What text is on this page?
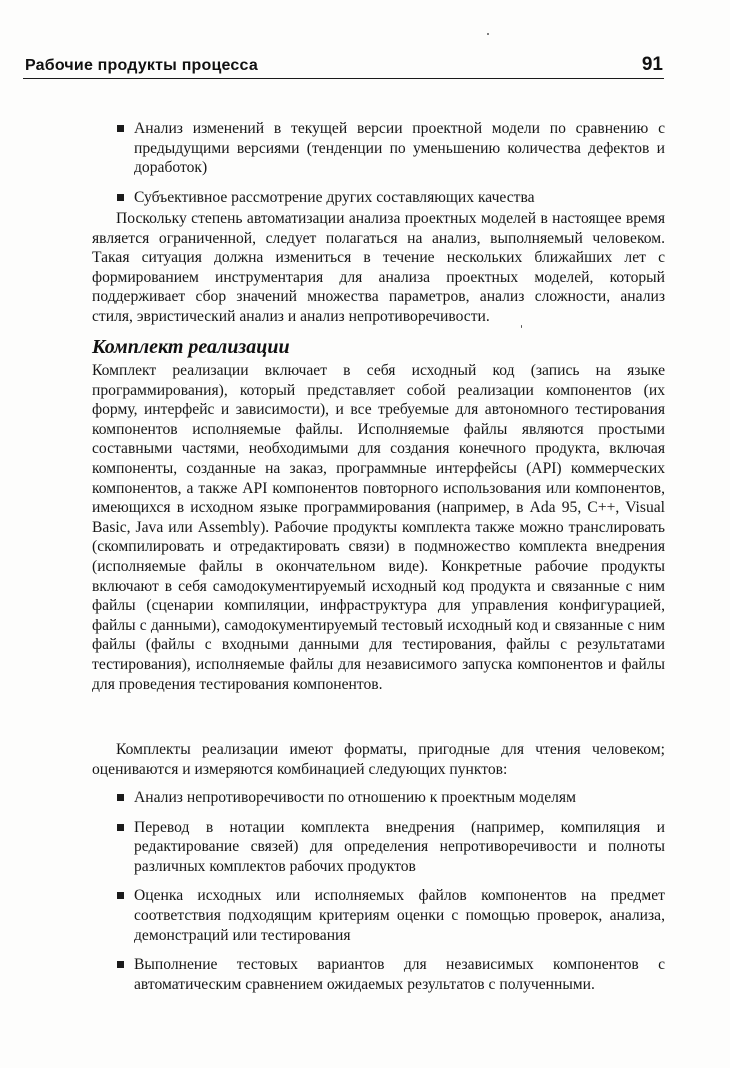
Рабочие продукты процесса	91
Анализ изменений в текущей версии проектной модели по сравнению с предыдущими версиями (тенденции по уменьшению количества дефектов и доработок)
Субъективное рассмотрение других составляющих качества

Поскольку степень автоматизации анализа проектных моделей в настоящее время является ограниченной, следует полагаться на анализ, выполняемый человеком. Такая ситуация должна измениться в течение нескольких ближайших лет с формированием инструментария для анализа проектных моделей, который поддерживает сбор значений множества параметров, анализ сложности, анализ стиля, эвристический анализ и анализ непротиворечивости.

Комплект реализации

Комплект реализации включает в себя исходный код (запись на языке программирования), который представляет собой реализации компонентов (их форму, интерфейс и зависимости), и все требуемые для автономного тестирования компонентов исполняемые файлы. Исполняемые файлы являются простыми составными частями, необходимыми для создания конечного продукта, включая компоненты, созданные на заказ, программные интерфейсы (API) коммерческих компонентов, а также API компонентов повторного использования или компонентов, имеющихся в исходном языке программирования (например, в Ada 95, C++, Visual Basic, Java или Assembly). Рабочие продукты комплекта также можно транслировать (скомпилировать и отредактировать связи) в подмножество комплекта внедрения (исполняемые файлы в окончательном виде). Конкретные рабочие продукты включают в себя самодокументируемый исходный код продукта и связанные с ним файлы (сценарии компиляции, инфраструктура для управления конфигурацией, файлы с данными), самодокументируемый тестовый исходный код и связанные с ним файлы (файлы с входными данными для тестирования, файлы с результатами тестирования), исполняемые файлы для независимого запуска компонентов и файлы для проведения тестирования компонентов.

Комплекты реализации имеют форматы, пригодные для чтения человеком; оцениваются и измеряются комбинацией следующих пунктов:

Анализ непротиворечивости по отношению к проектным моделям
Перевод в нотации комплекта внедрения (например, компиляция и редактирование связей) для определения непротиворечивости и полноты различных комплектов рабочих продуктов
Оценка исходных или исполняемых файлов компонентов на предмет соответствия подходящим критериям оценки с помощью проверок, анализа, демонстраций или тестирования
Выполнение тестовых вариантов для независимых компонентов с автоматическим сравнением ожидаемых результатов с полученными.
